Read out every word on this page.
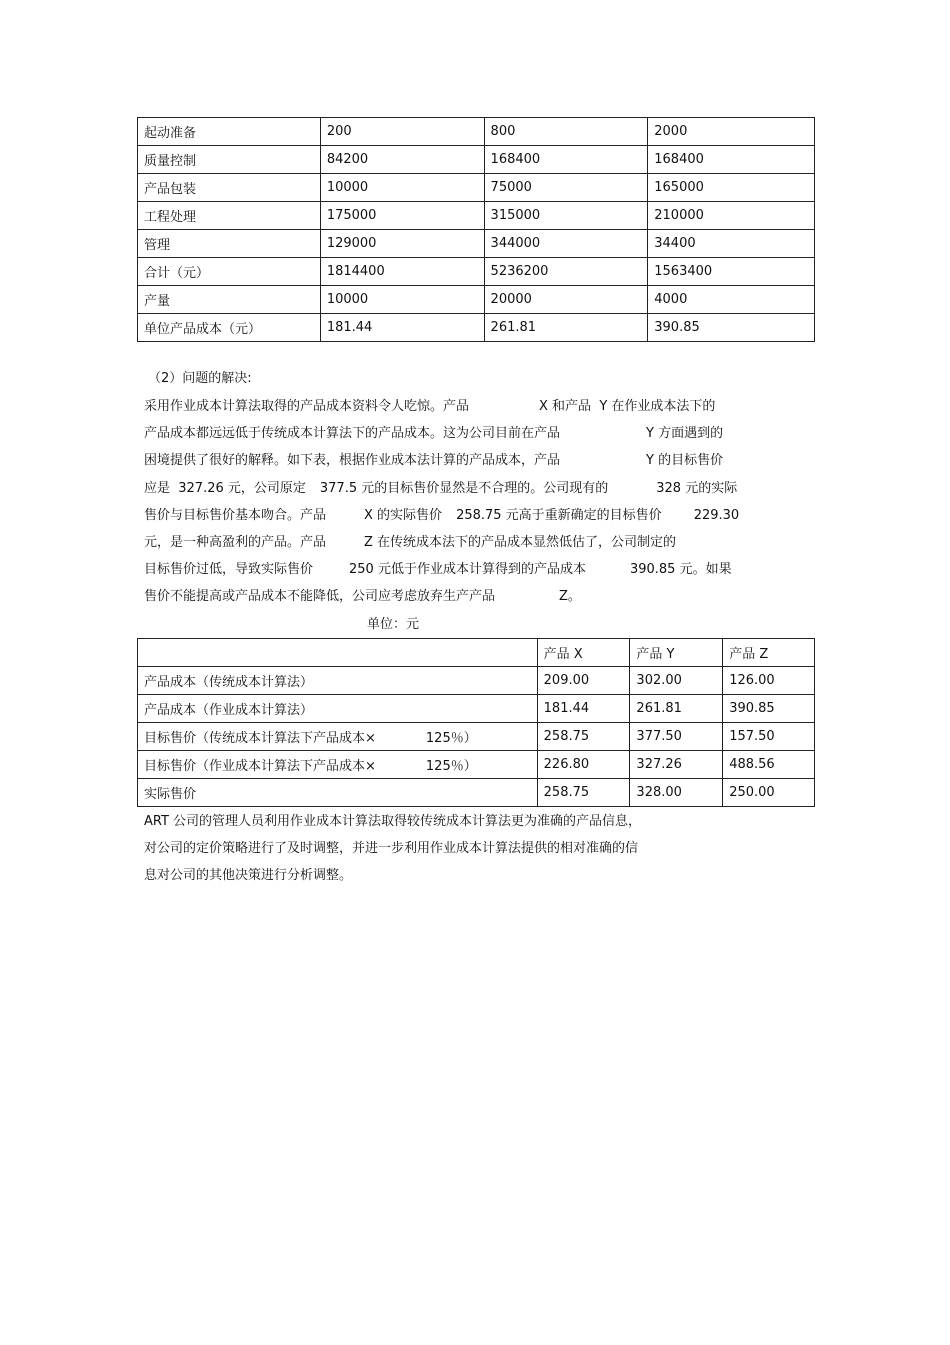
起动准备	200	800	2000
质量控制	84200	168400	168400
产品包装	10000	75000	165000
工程处理	175000	315000	210000
管理	129000	344000	34400
合计（元）	1814400	5236200	1563400
产量	10000	20000	4000
单位产品成本（元）	181.44	261.81	390.85
（2）问题的解决:
采用作业成本计算法取得的产品成本资料令人吃惊。产品	X 和产品  Y 在作业成本法下的
产品成本都远远低于传统成本计算法下的产品成本。这为公司目前在产品	Y 方面遇到的
困境提供了很好的解释。如下表，根据作业成本法计算的产品成本，产品	Y 的目标售价
应是  327.26 元，公司原定 377.5 元的目标售价显然是不合理的。公司现有的	328 元的实际
售价与目标售价基本吻合。产品	X 的实际售价 258.75 元高于重新确定的目标售价 229.30
元，是一种高盈利的产品。产品	Z 在传统成本法下的产品成本显然低估了，公司制定的
目标售价过低，导致实际售价	250 元低于作业成本计算得到的产品成本	390.85 元。如果
售价不能提高或产品成本不能降低，公司应考虑放弃生产产品	Z。
单位：元
	产品 X	产品 Y	产品 Z
产品成本（传统成本计算法）	209.00	302.00	126.00
产品成本（作业成本计算法）	181.44	261.81	390.85
目标售价（传统成本计算法下产品成本× 125％）	258.75	377.50	157.50
目标售价（作业成本计算法下产品成本× 125％）	226.80	327.26	488.56
实际售价	258.75	328.00	250.00
ART 公司的管理人员利用作业成本计算法取得较传统成本计算法更为准确的产品信息，
对公司的定价策略进行了及时调整，并进一步利用作业成本计算法提供的相对准确的信
息对公司的其他决策进行分析调整。
